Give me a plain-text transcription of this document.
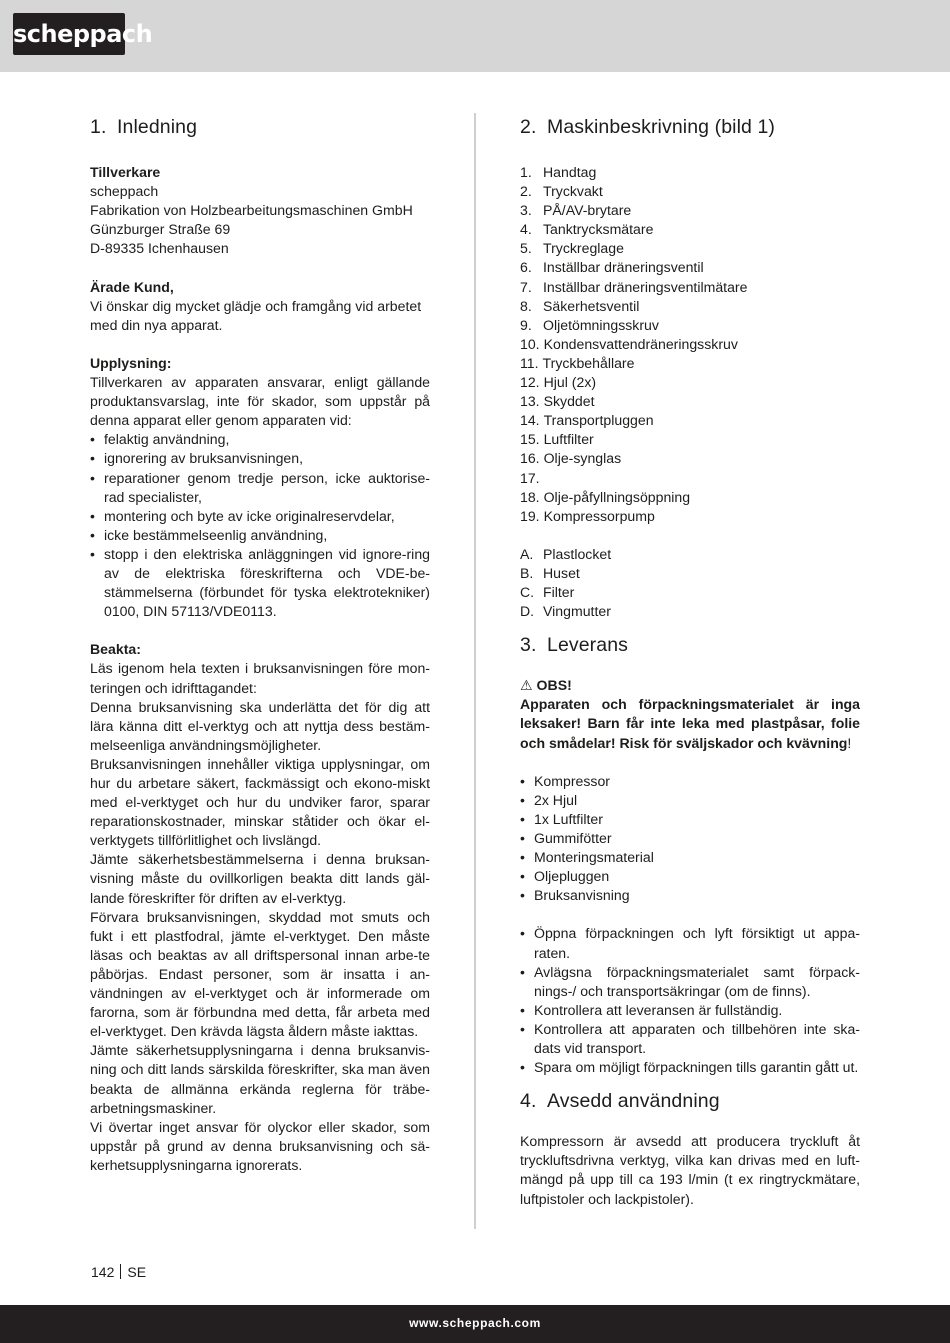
scheppach
1. Inledning

Tillverkare

scheppach

Fabrikation von Holzbearbeitungsmaschinen GmbH

Günzburger Straße 69

D-89335 Ichenhausen

Ärade Kund,

Vi önskar dig mycket glädje och framgång vid arbetet med din nya apparat.

Upplysning:

Tillverkaren av apparaten ansvarar, enligt gällande produktansvarslag, inte för skador, som uppstår på denna apparat eller genom apparaten vid:

• felaktig användning,
• ignorering av bruksanvisningen,
• reparationer genom tredje person, icke auktorise-rad specialister,
• montering och byte av icke originalreservdelar,
• icke bestämmelseenlig användning,
• stopp i den elektriska anläggningen vid ignore-ring av de elektriska föreskrifterna och VDE-be-stämmelserna (förbundet för tyska elektrotekniker) 0100, DIN 57113/VDE0113.

Beakta:

Läs igenom hela texten i bruksanvisningen före mon-teringen och idrifttagandet:

Denna bruksanvisning ska underlätta det för dig att lära känna ditt el-verktyg och att nyttja dess bestäm-melseenliga användningsmöjligheter.

Bruksanvisningen innehåller viktiga upplysningar, om hur du arbetare säkert, fackmässigt och ekono-miskt med el-verktyget och hur du undviker faror, sparar reparationskostnader, minskar ståtider och ökar el-verktygets tillförlitlighet och livslängd.

Jämte säkerhetsbestämmelserna i denna bruksan-visning måste du ovillkorligen beakta ditt lands gäl-lande föreskrifter för driften av el-verktyg.

Förvara bruksanvisningen, skyddad mot smuts och fukt i ett plastfodral, jämte el-verktyget. Den måste läsas och beaktas av all driftspersonal innan arbe-te påbörjas. Endast personer, som är insatta i an-vändningen av el-verktyget och är informerade om farorna, som är förbundna med detta, får arbeta med el-verktyget. Den krävda lägsta åldern måste iakttas.

Jämte säkerhetsupplysningarna i denna bruksanvis-ning och ditt lands särskilda föreskrifter, ska man även beakta de allmänna erkända reglerna för träbe-arbetningsmaskiner.

Vi övertar inget ansvar för olyckor eller skador, som uppstår på grund av denna bruksanvisning och sä-kerhetsupplysningarna ignorerats.

2. Maskinbeskrivning (bild 1)
1. Handtag
2. Tryckvakt
3. PÅ/AV-brytare
4. Tanktrycksmätare
5. Tryckreglage
6. Inställbar dräneringsventil
7. Inställbar dräneringsventilmätare
8. Säkerhetsventil
9. Oljetömningsskruv
10. Kondensvattendräneringsskruv
11. Tryckbehållare
12. Hjul (2x)
13. Skyddet
14. Transportpluggen
15. Luftfilter
16. Olje-synglas
17.
18. Olje-påfyllningsöppning
19. Kompressorpump
A. Plastlocket
B. Huset
C. Filter
D. Vingmutter
3. Leverans

⚠ OBS!

Apparaten och förpackningsmaterialet är inga leksaker! Barn får inte leka med plastpåsar, folie och smådelar! Risk för sväljskador och kvävning!

• Kompressor
• 2x Hjul
• 1x Luftfilter
• Gummifötter
• Monteringsmaterial
• Oljepluggen
• Bruksanvisning
• Öppna förpackningen och lyft försiktigt ut appa-raten.
• Avlägsna förpackningsmaterialet samt förpack-nings-/ och transportsäkringar (om de finns).
• Kontrollera att leveransen är fullständig.
• Kontrollera att apparaten och tillbehören inte ska-dats vid transport.
• Spara om möjligt förpackningen tills garantin gått ut.
4. Avsedd användning

Kompressorn är avsedd att producera tryckluft åt tryckluftsdrivna verktyg, vilka kan drivas med en luft-mängd på upp till ca 193 l/min (t ex ringtryckmätare, luftpistoler och lackpistoler).

142 SE
www.scheppach.com
